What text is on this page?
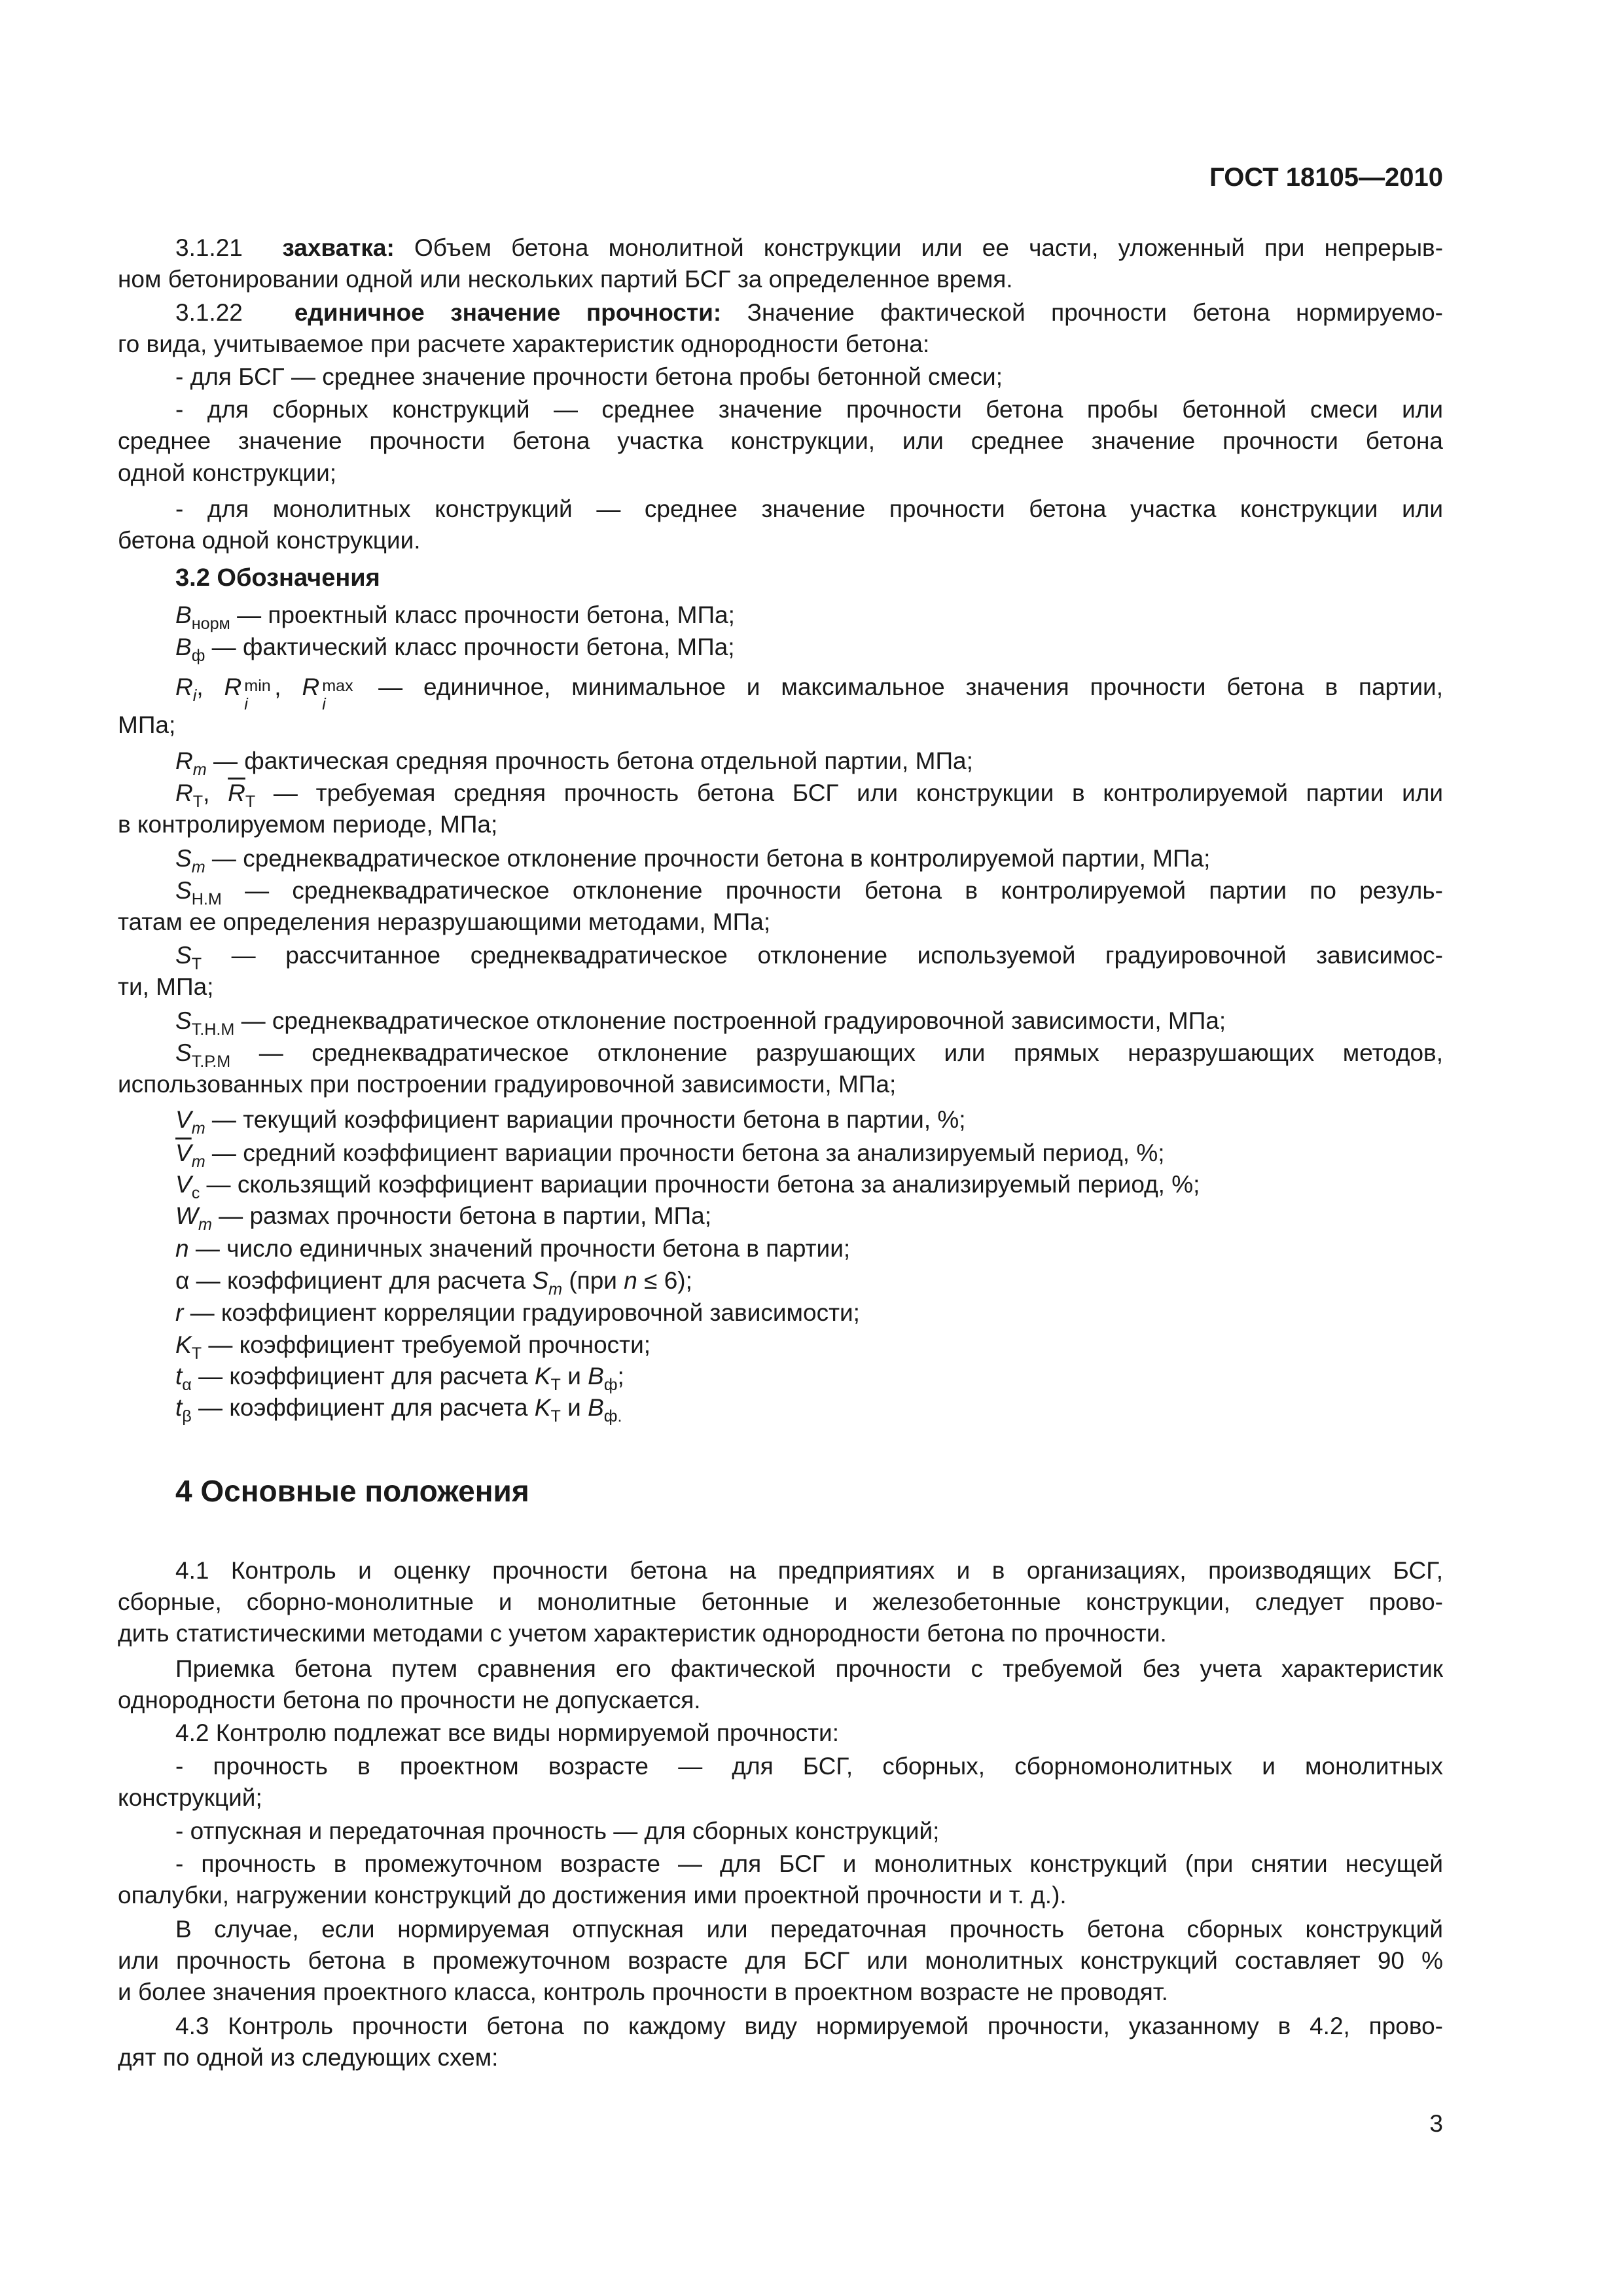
ГОСТ 18105—2010
3.1.21 захватка: Объем бетона монолитной конструкции или ее части, уложенный при непрерыв-
ном бетонировании одной или нескольких партий БСГ за определенное время.
3.1.22 единичное значение прочности: Значение фактической прочности бетона нормируемо-
го вида, учитываемое при расчете характеристик однородности бетона:
- для БСГ — среднее значение прочности бетона пробы бетонной смеси;
- для сборных конструкций — среднее значение прочности бетона пробы бетонной смеси или
среднее значение прочности бетона участка конструкции, или среднее значение прочности бетона
одной конструкции;
- для монолитных конструкций — среднее значение прочности бетона участка конструкции или
бетона одной конструкции.
3.2 Обозначения
$B_{норм}$ — проектный класс прочности бетона, МПа;
$B_ф$ — фактический класс прочности бетона, МПа;
$R_i$, R min
i
, R max
i
— единичное, минимальное и максимальное значения прочности бетона в партии,
МПа;
$R_m$ — фактическая средняя прочность бетона отдельной партии, МПа;
$R_Т$, $\overline{R}_Т$ — требуемая средняя прочность бетона БСГ или конструкции в контролируемой партии или
в контролируемом периоде, МПа;
$S_m$ — среднеквадратическое отклонение прочности бетона в контролируемой партии, МПа;
$S_{Н.М}$ — среднеквадратическое отклонение прочности бетона в контролируемой партии по резуль-
татам ее определения неразрушающими методами, МПа;
$S_Т$ — рассчитанное среднеквадратическое отклонение используемой градуировочной зависимос-
ти, МПа;
$S_{Т.Н.М}$ — среднеквадратическое отклонение построенной градуировочной зависимости, МПа;
$S_{Т.Р.М}$ — среднеквадратическое отклонение разрушающих или прямых неразрушающих методов,
использованных при построении градуировочной зависимости, МПа;
$V_m$ — текущий коэффициент вариации прочности бетона в партии, %;
$\overline{V}_m$ — средний коэффициент вариации прочности бетона за анализируемый период, %;
$V_с$ — скользящий коэффициент вариации прочности бетона за анализируемый период, %;
$W_m$ — размах прочности бетона в партии, МПа;
n — число единичных значений прочности бетона в партии;
α — коэффициент для расчета $S_m$ (при n ≤ 6);
r — коэффициент корреляции градуировочной зависимости;
$K_Т$ — коэффициент требуемой прочности;
$t_\alpha$ — коэффициент для расчета $K_Т$ и $B_ф$;
$t_\beta$ — коэффициент для расчета $K_Т$ и $B_{ф.}$
4 Основные положения
4.1 Контроль и оценку прочности бетона на предприятиях и в организациях, производящих БСГ,
сборные, сборно-монолитные и монолитные бетонные и железобетонные конструкции, следует прово-
дить статистическими методами с учетом характеристик однородности бетона по прочности.
Приемка бетона путем сравнения его фактической прочности с требуемой без учета характеристик
однородности бетона по прочности не допускается.
4.2 Контролю подлежат все виды нормируемой прочности:
- прочность в проектном возрасте — для БСГ, сборных, сборномонолитных и монолитных
конструкций;
- отпускная и передаточная прочность — для сборных конструкций;
- прочность в промежуточном возрасте — для БСГ и монолитных конструкций (при снятии несущей
опалубки, нагружении конструкций до достижения ими проектной прочности и т. д.).
В случае, если нормируемая отпускная или передаточная прочность бетона сборных конструкций
или прочность бетона в промежуточном возрасте для БСГ или монолитных конструкций составляет 90 %
и более значения проектного класса, контроль прочности в проектном возрасте не проводят.
4.3 Контроль прочности бетона по каждому виду нормируемой прочности, указанному в 4.2, прово-
дят по одной из следующих схем:
3
